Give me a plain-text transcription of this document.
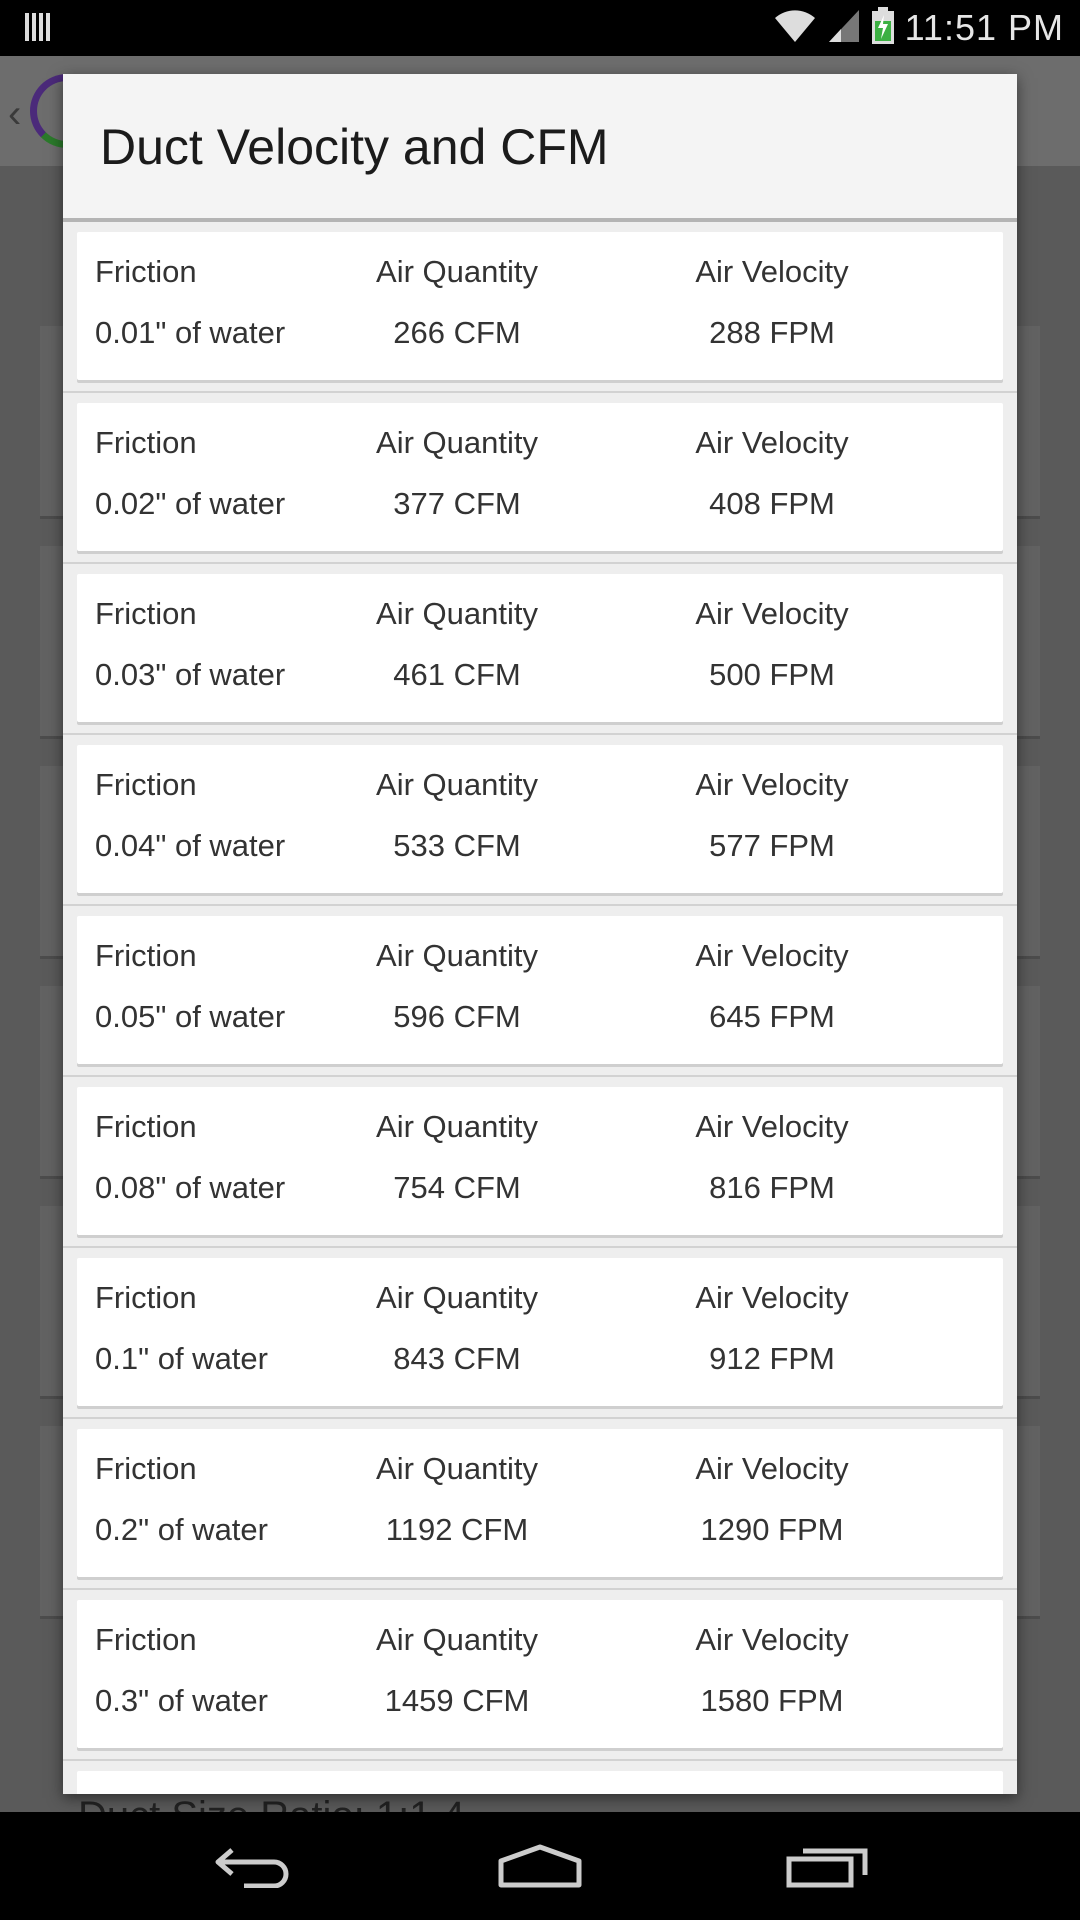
11:51 PM
‹
Duct Velocity and CFM
Friction	Air Quantity	Air Velocity
0.01" of water	266 CFM	288 FPM
Friction	Air Quantity	Air Velocity
0.02" of water	377 CFM	408 FPM
Friction	Air Quantity	Air Velocity
0.03" of water	461 CFM	500 FPM
Friction	Air Quantity	Air Velocity
0.04" of water	533 CFM	577 FPM
Friction	Air Quantity	Air Velocity
0.05" of water	596 CFM	645 FPM
Friction	Air Quantity	Air Velocity
0.08" of water	754 CFM	816 FPM
Friction	Air Quantity	Air Velocity
0.1" of water	843 CFM	912 FPM
Friction	Air Quantity	Air Velocity
0.2" of water	1192 CFM	1290 FPM
Friction	Air Quantity	Air Velocity
0.3" of water	1459 CFM	1580 FPM
